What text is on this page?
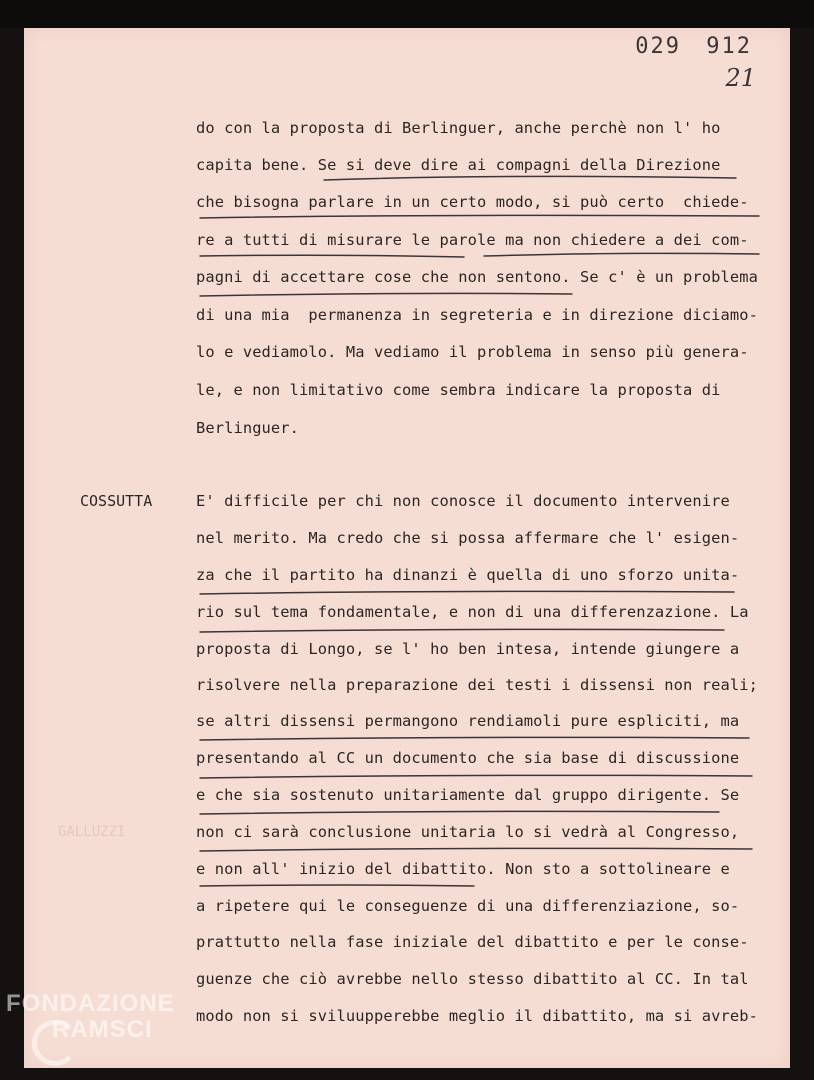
029 912
21
COSSUTTA
GALLUZZI
do con la proposta di Berlinguer, anche perchè non l' ho
capita bene. Se si deve dire ai compagni della Direzione
che bisogna parlare in un certo modo, si può certo  chiede-
re a tutti di misurare le parole ma non chiedere a dei com-
pagni di accettare cose che non sentono. Se c' è un problema
di una mia  permanenza in segreteria e in direzione diciamo-
lo e vediamolo. Ma vediamo il problema in senso più genera-
le, e non limitativo come sembra indicare la proposta di
Berlinguer.
E' difficile per chi non conosce il documento intervenire
nel merito. Ma credo che si possa affermare che l' esigen-
za che il partito ha dinanzi è quella di uno sforzo unita-
rio sul tema fondamentale, e non di una differenzazione. La
proposta di Longo, se l' ho ben intesa, intende giungere a
risolvere nella preparazione dei testi i dissensi non reali;
se altri dissensi permangono rendiamoli pure espliciti, ma
presentando al CC un documento che sia base di discussione
e che sia sostenuto unitariamente dal gruppo dirigente. Se
non ci sarà conclusione unitaria lo si vedrà al Congresso,
e non all' inizio del dibattito. Non sto a sottolineare e
a ripetere qui le conseguenze di una differenziazione, so-
prattutto nella fase iniziale del dibattito e per le conse-
guenze che ciò avrebbe nello stesso dibattito al CC. In tal
modo non si sviluupperebbe meglio il dibattito, ma si avreb-
FONDAZIONE
RAMSCI
